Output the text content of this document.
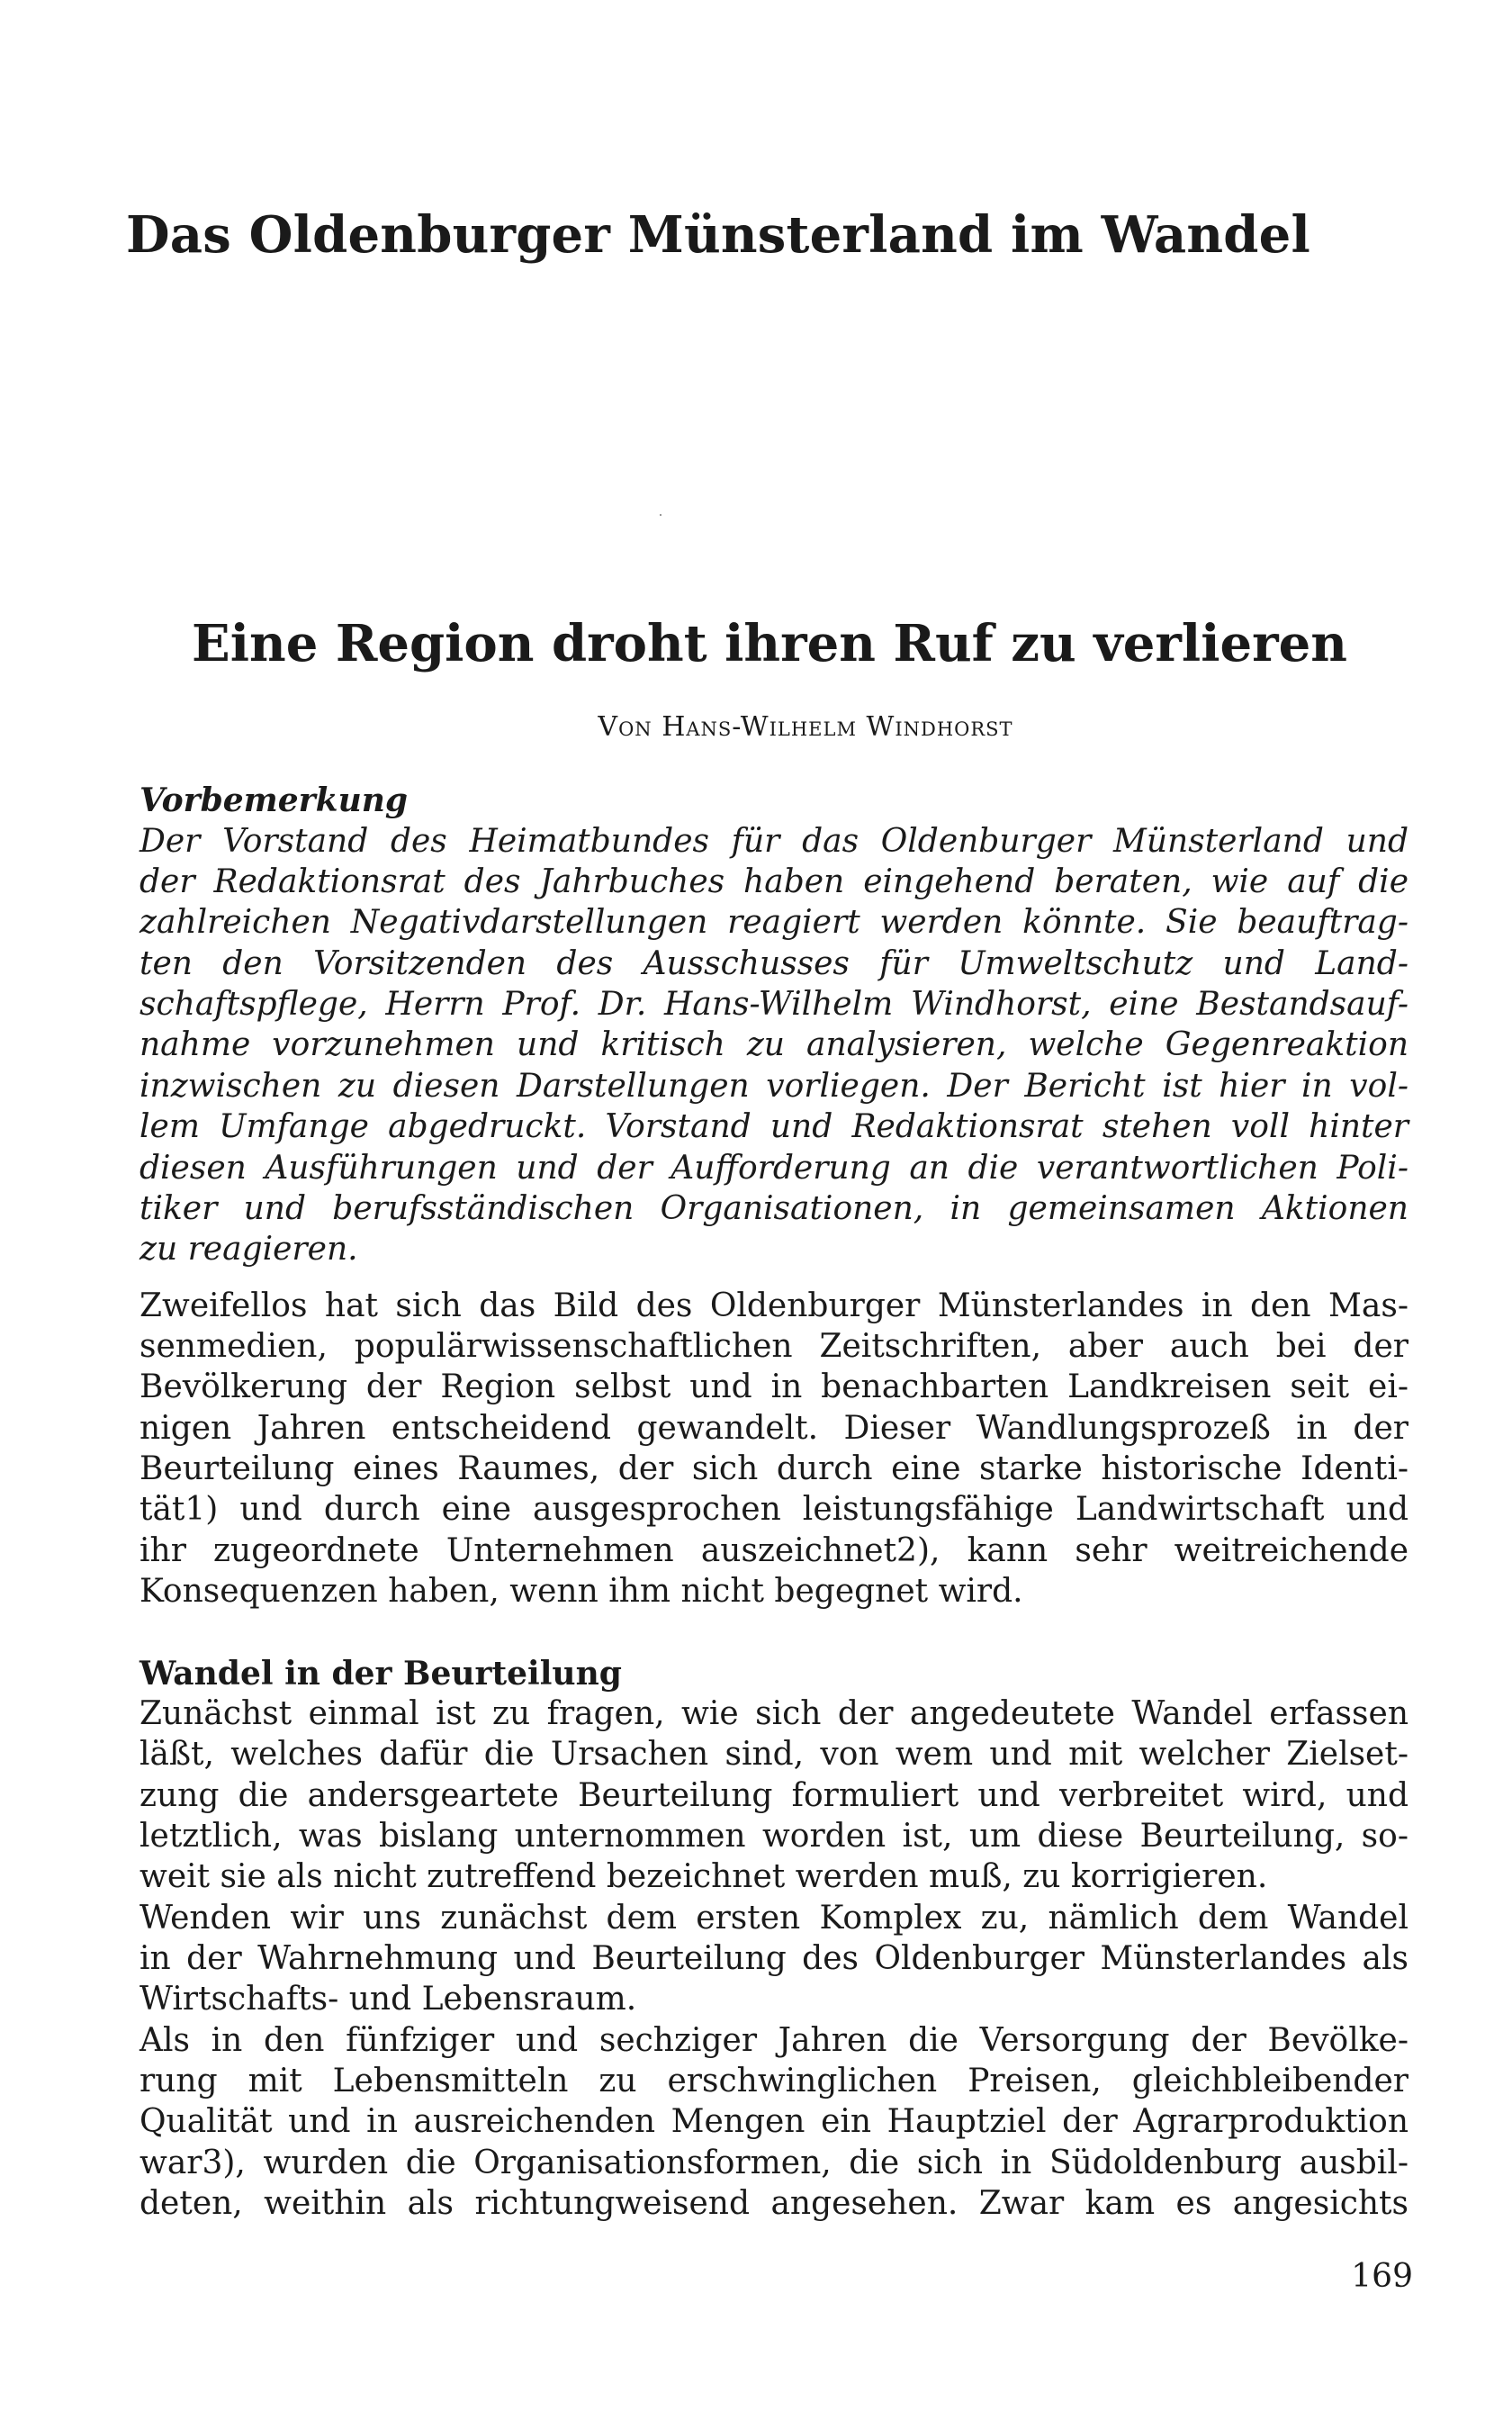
Das Oldenburger Münsterland im Wandel
Eine Region droht ihren Ruf zu verlieren
Von Hans-Wilhelm Windhorst
Vorbemerkung
Der Vorstand des Heimatbundes für das Oldenburger Münsterland und
der Redaktionsrat des Jahrbuches haben eingehend beraten, wie auf die
zahlreichen Negativdarstellungen reagiert werden könnte. Sie beauftrag-
ten den Vorsitzenden des Ausschusses für Umweltschutz und Land-
schaftspflege, Herrn Prof. Dr. Hans-Wilhelm Windhorst, eine Bestandsauf-
nahme vorzunehmen und kritisch zu analysieren, welche Gegenreaktion
inzwischen zu diesen Darstellungen vorliegen. Der Bericht ist hier in vol-
lem Umfange abgedruckt. Vorstand und Redaktionsrat stehen voll hinter
diesen Ausführungen und der Aufforderung an die verantwortlichen Poli-
tiker und berufsständischen Organisationen, in gemeinsamen Aktionen
zu reagieren.
Zweifellos hat sich das Bild des Oldenburger Münsterlandes in den Mas-
senmedien, populärwissenschaftlichen Zeitschriften, aber auch bei der
Bevölkerung der Region selbst und in benachbarten Landkreisen seit ei-
nigen Jahren entscheidend gewandelt. Dieser Wandlungsprozeß in der
Beurteilung eines Raumes, der sich durch eine starke historische Identi-
tät1) und durch eine ausgesprochen leistungsfähige Landwirtschaft und
ihr zugeordnete Unternehmen auszeichnet2), kann sehr weitreichende
Konsequenzen haben, wenn ihm nicht begegnet wird.
Wandel in der Beurteilung
Zunächst einmal ist zu fragen, wie sich der angedeutete Wandel erfassen
läßt, welches dafür die Ursachen sind, von wem und mit welcher Zielset-
zung die andersgeartete Beurteilung formuliert und verbreitet wird, und
letztlich, was bislang unternommen worden ist, um diese Beurteilung, so-
weit sie als nicht zutreffend bezeichnet werden muß, zu korrigieren.
Wenden wir uns zunächst dem ersten Komplex zu, nämlich dem Wandel
in der Wahrnehmung und Beurteilung des Oldenburger Münsterlandes als
Wirtschafts- und Lebensraum.
Als in den fünfziger und sechziger Jahren die Versorgung der Bevölke-
rung mit Lebensmitteln zu erschwinglichen Preisen, gleichbleibender
Qualität und in ausreichenden Mengen ein Hauptziel der Agrarproduktion
war3), wurden die Organisationsformen, die sich in Südoldenburg ausbil-
deten, weithin als richtungweisend angesehen. Zwar kam es angesichts
169
